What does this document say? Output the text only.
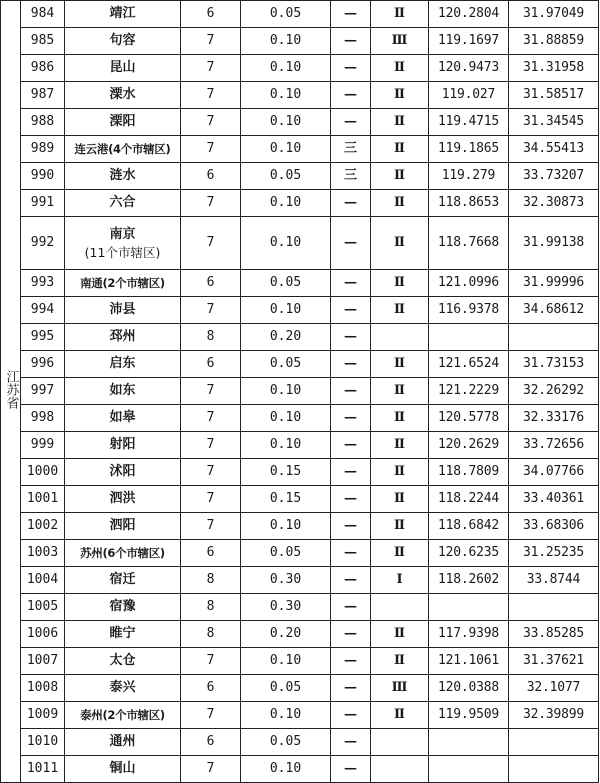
江苏省	984	靖江	6	0.05	—	Ⅱ	120.2804	31.97049
	985	句容	7	0.10	—	Ⅲ	119.1697	31.88859
	986	昆山	7	0.10	—	Ⅱ	120.9473	31.31958
	987	溧水	7	0.10	—	Ⅱ	119.027	31.58517
	988	溧阳	7	0.10	—	Ⅱ	119.4715	31.34545
	989	连云港(4个市辖区)	7	0.10	三	Ⅱ	119.1865	34.55413
	990	涟水	6	0.05	三	Ⅱ	119.279	33.73207
	991	六合	7	0.10	—	Ⅱ	118.8653	32.30873
	992	南京
(11个市辖区)	7	0.10	—	Ⅱ	118.7668	31.99138
	993	南通(2个市辖区)	6	0.05	—	Ⅱ	121.0996	31.99996
	994	沛县	7	0.10	—	Ⅱ	116.9378	34.68612
	995	邳州	8	0.20	—			
	996	启东	6	0.05	—	Ⅱ	121.6524	31.73153
	997	如东	7	0.10	—	Ⅱ	121.2229	32.26292
	998	如皋	7	0.10	—	Ⅱ	120.5778	32.33176
	999	射阳	7	0.10	—	Ⅱ	120.2629	33.72656
	1000	沭阳	7	0.15	—	Ⅱ	118.7809	34.07766
	1001	泗洪	7	0.15	—	Ⅱ	118.2244	33.40361
	1002	泗阳	7	0.10	—	Ⅱ	118.6842	33.68306
	1003	苏州(6个市辖区)	6	0.05	—	Ⅱ	120.6235	31.25235
	1004	宿迁	8	0.30	—	Ⅰ	118.2602	33.8744
	1005	宿豫	8	0.30	—			
	1006	睢宁	8	0.20	—	Ⅱ	117.9398	33.85285
	1007	太仓	7	0.10	—	Ⅱ	121.1061	31.37621
	1008	泰兴	6	0.05	—	Ⅲ	120.0388	32.1077
	1009	泰州(2个市辖区)	7	0.10	—	Ⅱ	119.9509	32.39899
	1010	通州	6	0.05	—			
	1011	铜山	7	0.10	—			
